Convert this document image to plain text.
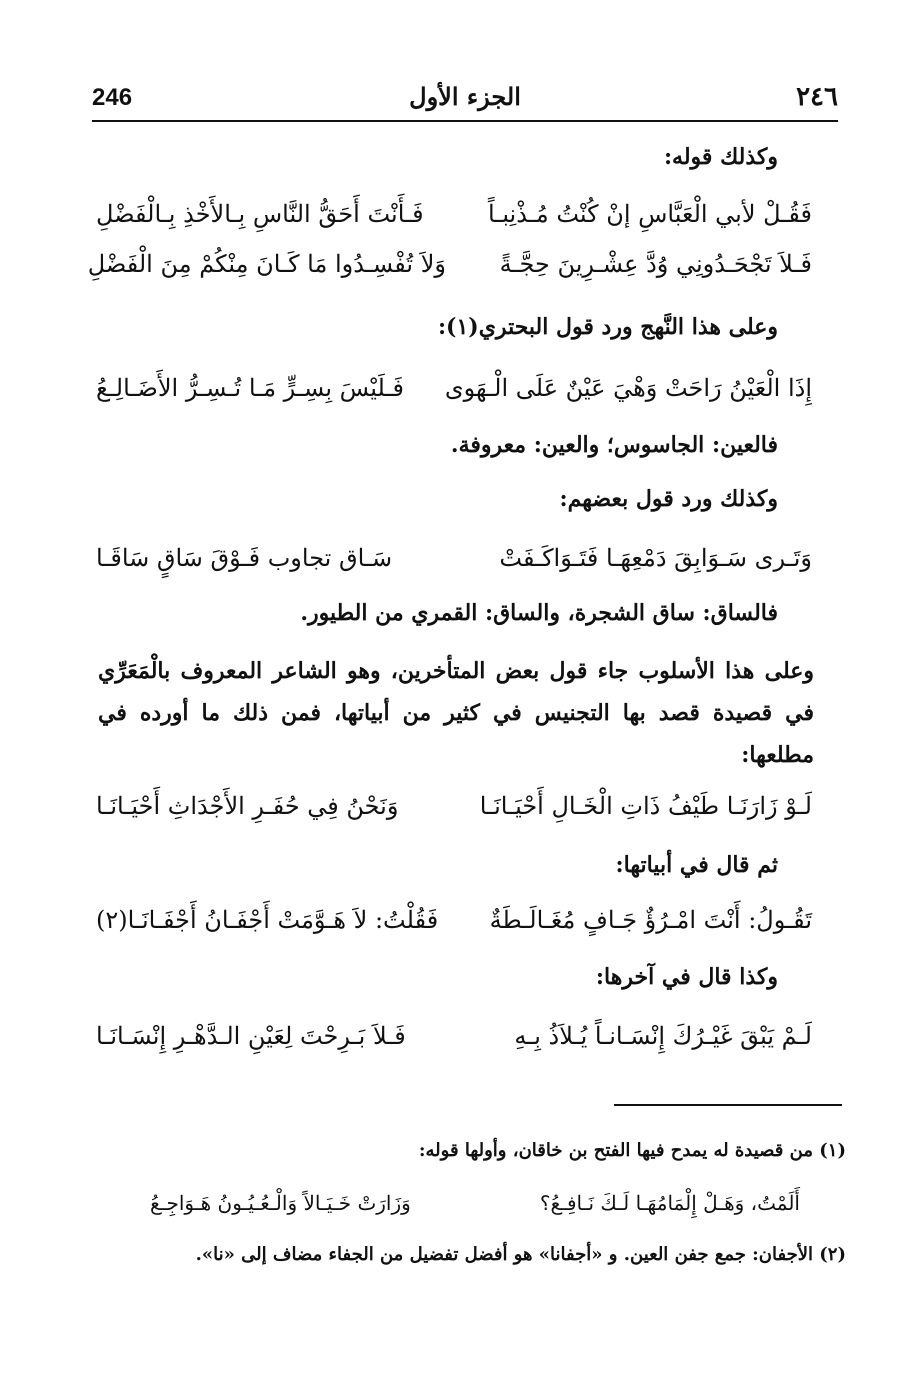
٢٤٦
الجزء الأول
246
وكذلك قوله:
فَقُـلْ لأبي الْعَبَّاسِ إنْ كُنْتُ مُـذْنِبـاً
فَـأَنْتَ أَحَقُّ النَّاسِ بِـالأَخْذِ بِـالْفَضْلِ
فَـلاَ تَجْحَـدُونِي وُدَّ عِشْـرِينَ حِجَّـةً
وَلاَ تُفْسِـدُوا مَا كَـانَ مِنْكُمْ مِنَ الْفَضْلِ
وعلى هذا النَّهج ورد قول البحتري(١):
إِذَا الْعَيْنُ رَاحَتْ وَهْيَ عَيْنٌ عَلَى الْـهَوى
فَـلَيْسَ بِسِـرٍّ مَـا تُـسِـرُّ الأَضَـالِـعُ
فالعين: الجاسوس؛ والعين: معروفة.
وكذلك ورد قول بعضهم:
وَتَـرى سَـوَابِقَ دَمْعِهَـا فَتَـوَاكَـفَتْ
سَـاق تجاوب فَـوْقَ سَاقٍ سَاقَـا
فالساق: ساق الشجرة، والساق: القمري من الطيور.
وعلى هذا الأسلوب جاء قول بعض المتأخرين، وهو الشاعر المعروف بالْمَعَرِّي في قصيدة قصد بها التجنيس في كثير من أبياتها، فمن ذلك ما أورده في مطلعها:
لَـوْ زَارَنَـا طَيْفُ ذَاتِ الْخَـالِ أَحْيَـانَـا
وَنَحْنُ فِي حُفَـرِ الأَجْدَاثِ أَحْيَـانَـا
ثم قال في أبياتها:
تَقُـولُ: أَنْتَ امْـرُؤٌ جَـافٍ مُغَـالَـطَةٌ
فَقُلْتُ: لاَ هَـوَّمَتْ أَجْفَـانُ أَجْفَـانَـا(٢)
وكذا قال في آخرها:
لَـمْ يَبْقَ غَيْـرُكَ إِنْسَـانـاً يُـلاَذُ بِـهِ
فَـلاَ بَـرِحْتَ لِعَيْنِ الـدَّهْـرِ إِنْسَـانَـا
(١) من قصيدة له يمدح فيها الفتح بن خاقان، وأولها قوله:
أَلَمْتُ، وَهَـلْ إِلْمَامُهَـا لَـكَ نَـافِـعُ؟
وَزَارَتْ خَـيَـالاً وَالْـعُـيُـونُ هَـوَاجِـعُ
(٢) الأجفان: جمع جفن العين. و «أجفانا» هو أفضل تفضيل من الجفاء مضاف إلى «نا».
